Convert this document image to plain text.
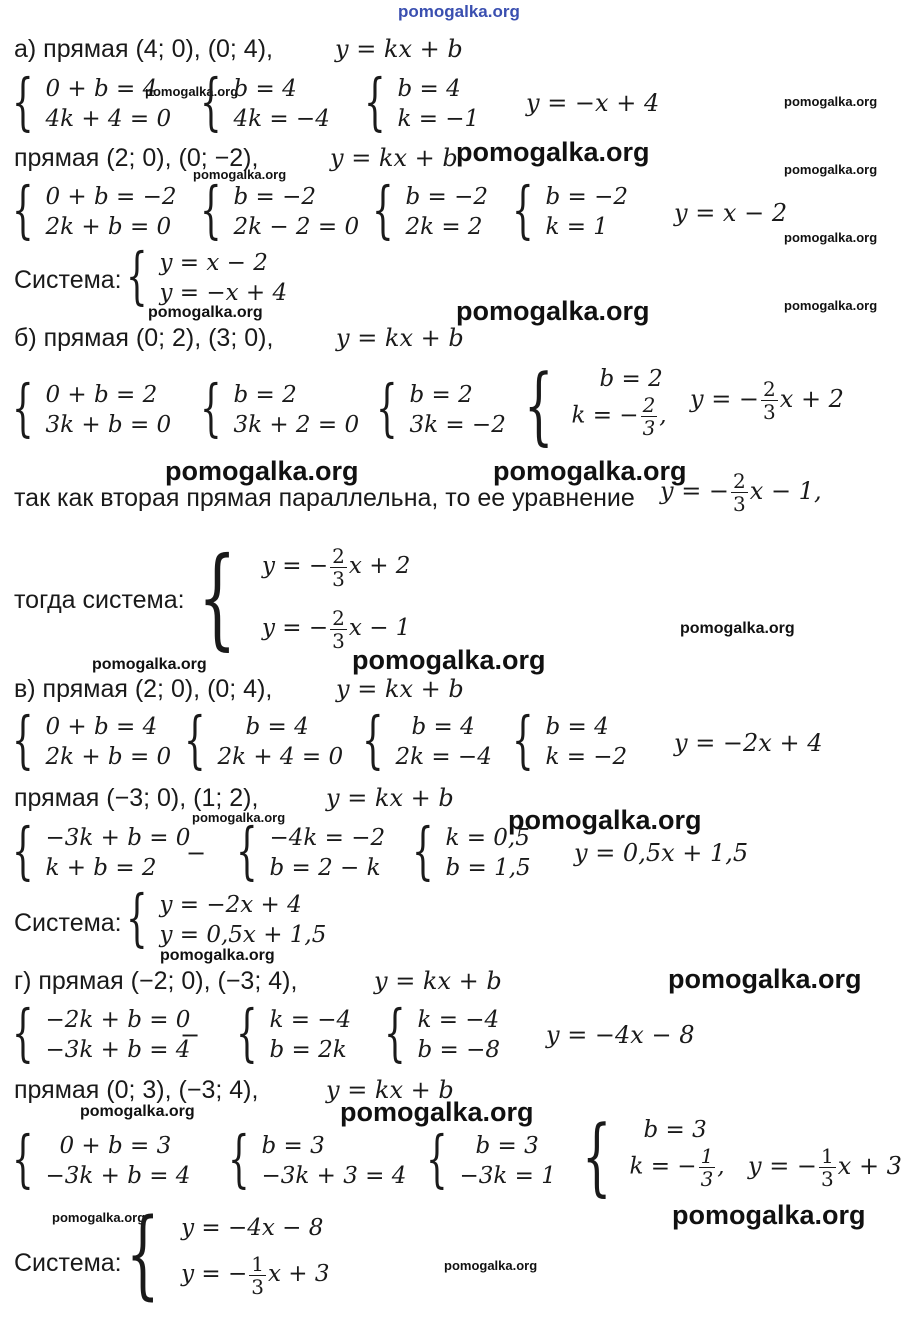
pomogalka.org
а) прямая (4; 0), (0; 4),	y = kx + b
{ 0 + b = 4
4k + 4 = 0
pomogalka.org
{ b = 4
4k = −4 { b = 4
k = −1
y = −x + 4	pomogalka.org
прямая (2; 0), (0; −2),	y = kx + b
pomogalka.org
pomogalka.org	pomogalka.org
{ 0 + b = −2
2k + b = 0 { b = −2
2k − 2 = 0 { b = −2
2k = 2 { b = −2
k = 1	y = x − 2
pomogalka.org
Система: { y = x − 2
y = −x + 4	pomogalka.org
pomogalka.org	pomogalka.org
б) прямая (0; 2), (3; 0),	y = kx + b
{ 0 + b = 2
3k + b = 0 { b = 2
3k + 2 = 0 { b = 2
3k = −2 {	b = 2
k = − $\frac{2}{3}$ ,
y = − $\frac{2}{3}$ x + 2
pomogalka.org	pomogalka.org
так как вторая прямая параллельна, то ее уравнение y = − $\frac{2}{3}$ x − 1,
тогда система: { y = − $\frac{2}{3}$ x + 2
y = − $\frac{2}{3}$ x − 1	pomogalka.org
pomogalka.org	pomogalka.org
в) прямая (2; 0), (0; 4),	y = kx + b
{ 0 + b = 4
2k + b = 0 {	b = 4
2k + 4 = 0 {	b = 4
2k = −4 { b = 4
k = −2 y = −2x + 4
прямая (−3; 0), (1; 2),	y = kx + b
pomogalka.org	pomogalka.org
{ −3k + b = 0
k + b = 2
− { −4k = −2
b = 2 − k { k = 0,5
b = 1,5
y = 0,5x + 1,5
Система: { y = −2x + 4
y = 0,5x + 1,5
pomogalka.org
г) прямая (−2; 0), (−3; 4),	y = kx + b	pomogalka.org
{ −2k + b = 0
−3k + b = 4
− { k = −4
b = 2k { k = −4
b = −8
y = −4x − 8
прямая (0; 3), (−3; 4),	y = kx + b
pomogalka.org	pomogalka.org
{	0 + b = 3
−3k + b = 4 { b = 3
−3k + 3 = 4 {	b = 3
−3k = 1 {	b = 3
k = − $\frac{1}{3}$ , y = − $\frac{1}{3}$ x + 3
pomogalka.org	pomogalka.org
Система: { y = −4x − 8
y = − $\frac{1}{3}$ x + 3	pomogalka.org
